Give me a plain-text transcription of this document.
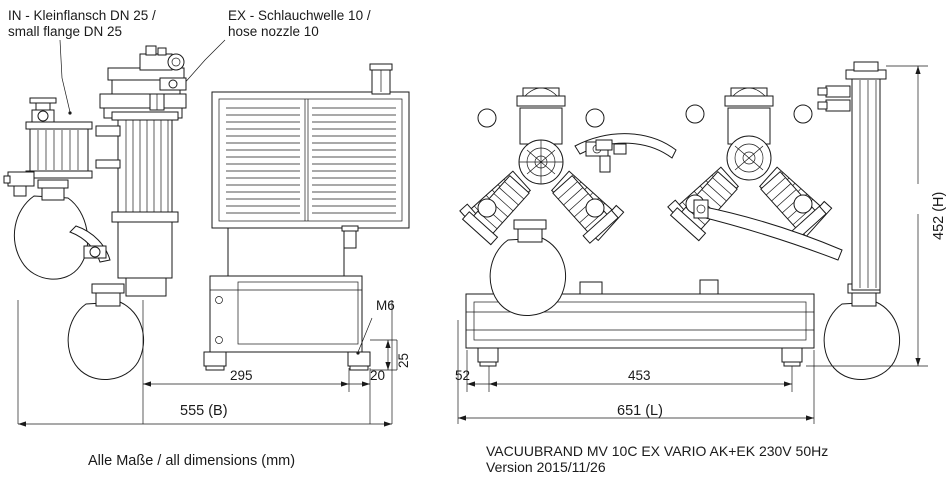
IN - Kleinflansch DN 25 /
small flange DN 25
EX - Schlauchwelle 10 /
hose nozzle 10
295	20
25
M6
555 (B)
52	453
452 (H)
651 (L)
Alle Maße / all dimensions (mm)
VACUUBRAND MV 10C EX VARIO AK+EK 230V 50Hz
Version 2015/11/26
